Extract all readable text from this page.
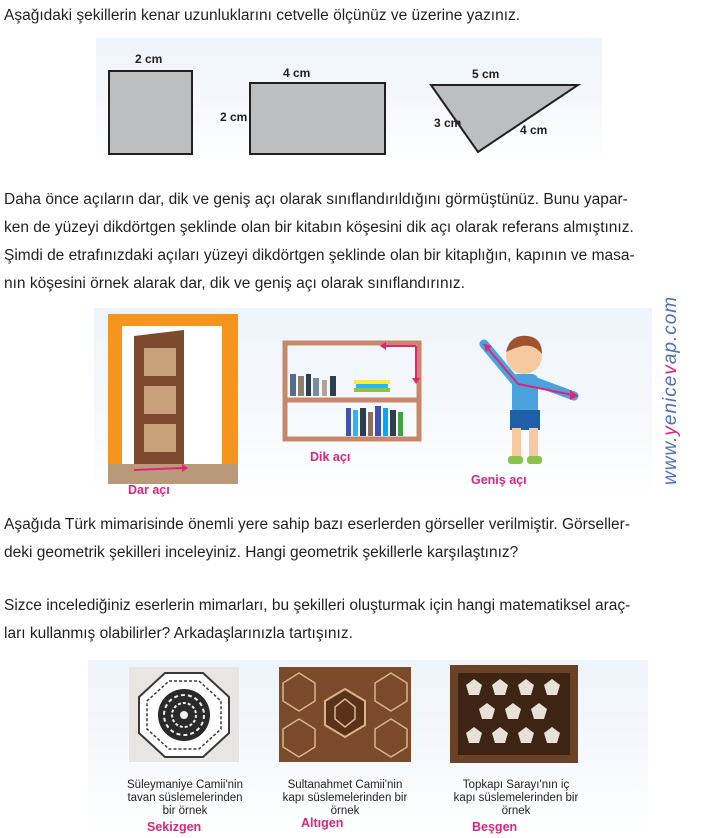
Aşağıdaki şekillerin kenar uzunluklarını cetvelle ölçünüz ve üzerine yazınız.

2 cm
4 cm
2 cm
5 cm
3 cm	4 cm
Daha önce açıların dar, dik ve geniş açı olarak sınıflandırıldığını görmüştünüz. Bunu yapar-
ken de yüzeyi dikdörtgen şeklinde olan bir kitabın köşesini dik açı olarak referans almıştınız.
Şimdi de etrafınızdaki açıları yüzeyi dikdörtgen şeklinde olan bir kitaplığın, kapının ve masa-
nın köşesini örnek alarak dar, dik ve geniş açı olarak sınıflandırınız.
Dar açı
Dik açı
Geniş açı	www.yenicevap.com
Aşağıda Türk mimarisinde önemli yere sahip bazı eserlerden görseller verilmiştir. Görseller-
deki geometrik şekilleri inceleyiniz. Hangi geometrik şekillerle karşılaştınız?
Sizce incelediğiniz eserlerin mimarları, bu şekilleri oluşturmak için hangi matematiksel araç-
ları kullanmış olabilirler? Arkadaşlarınızla tartışınız.
Süleymaniye Camii'nin
tavan süslemelerinden
bir örnek
Sultanahmet Camii'nin
kapı süslemelerinden bir
örnek
Topkapı Sarayı'nın iç
kapı süslemelerinden bir
örnek
Sekizgen	Altıgen	Beşgen
